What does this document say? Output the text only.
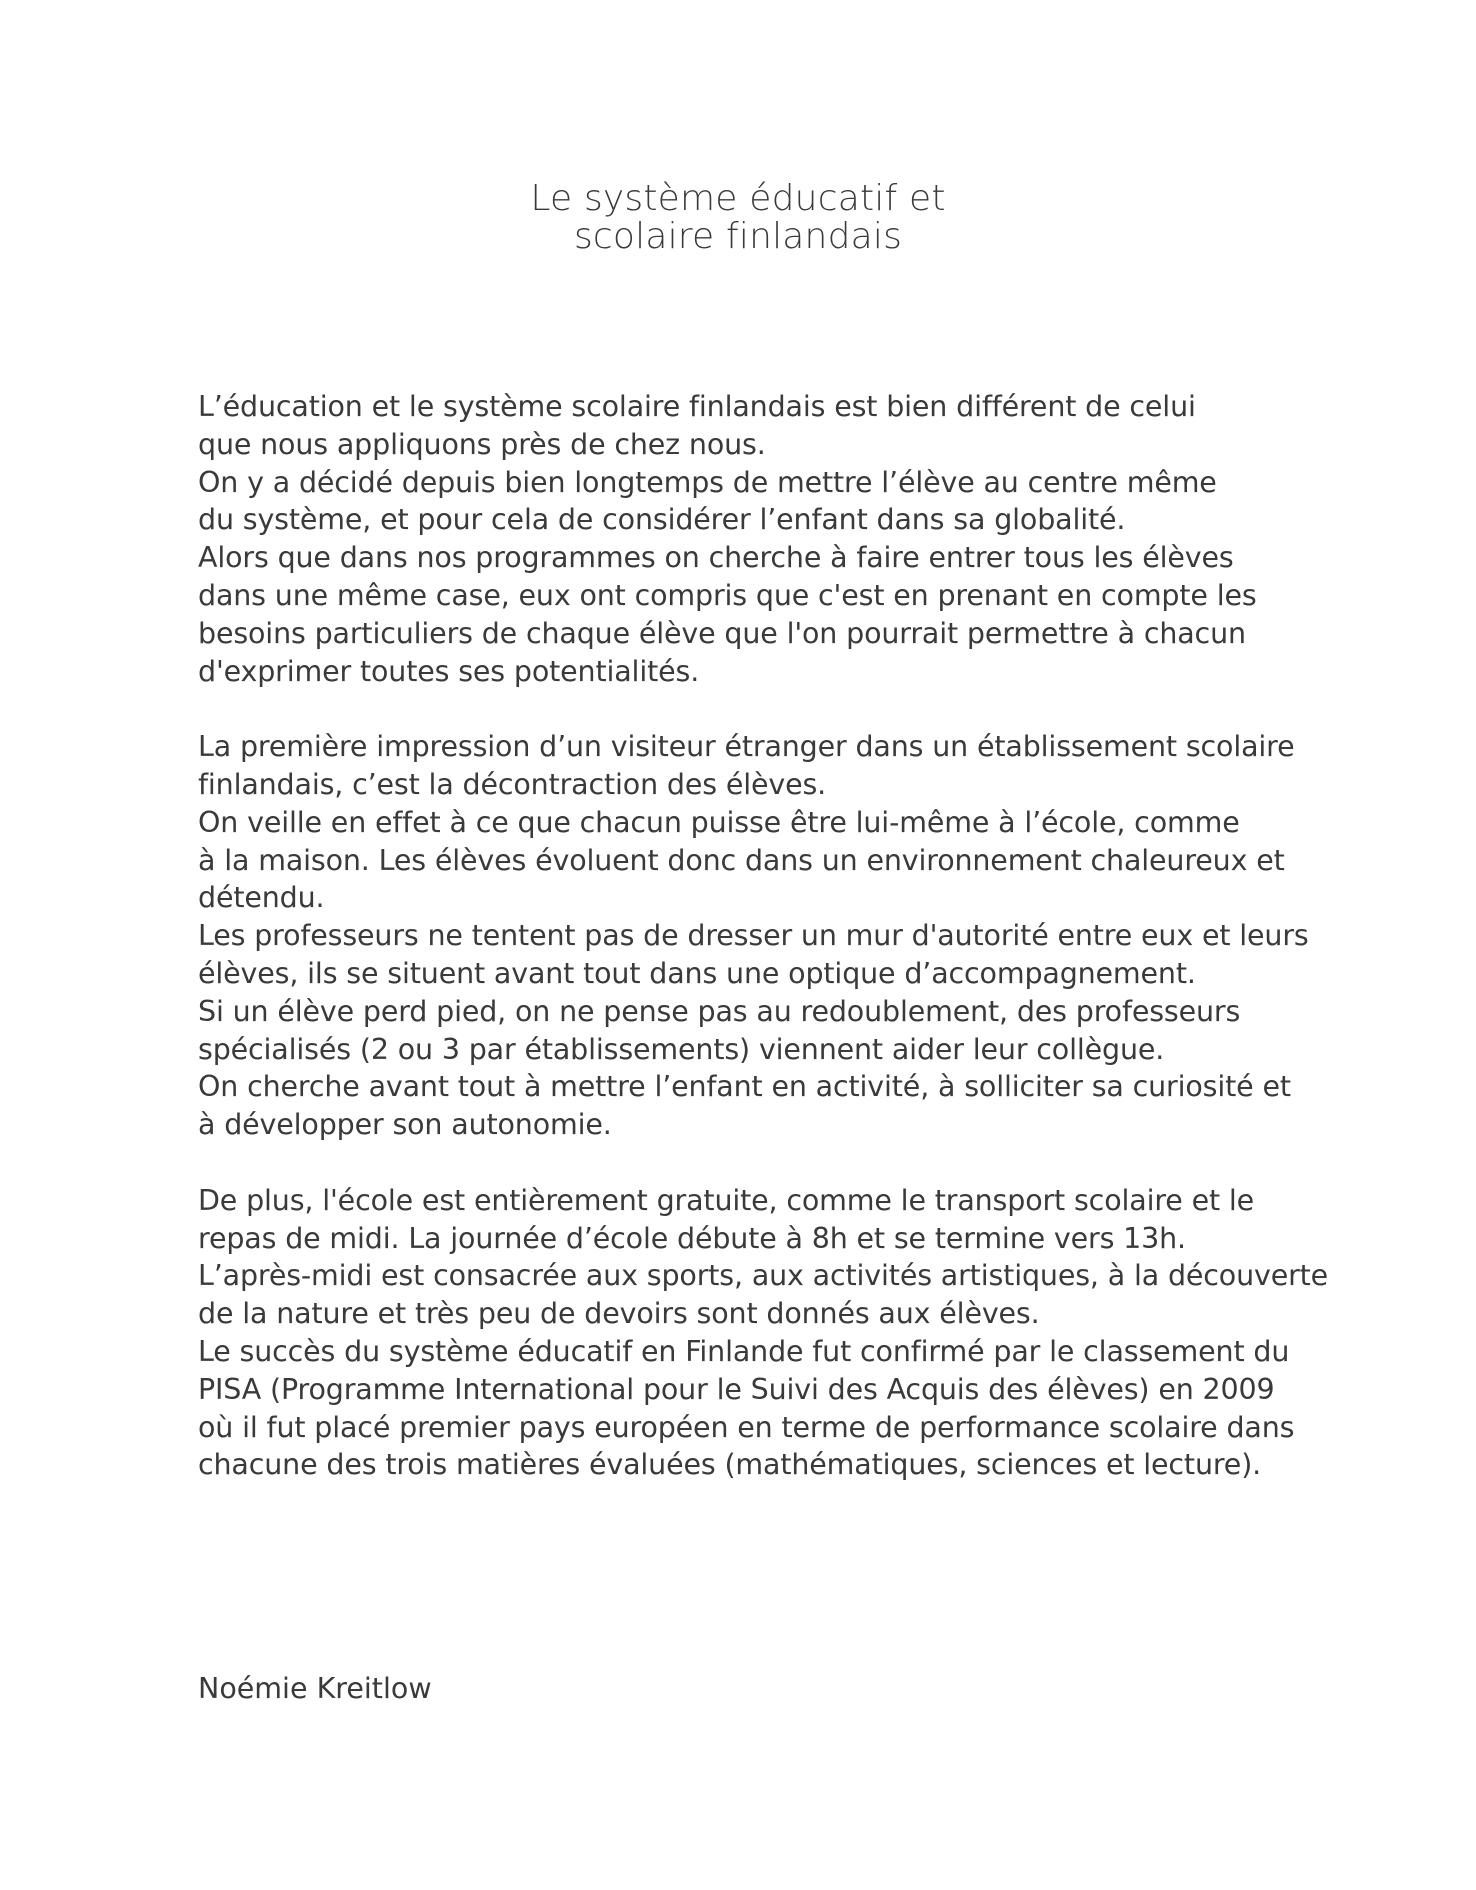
Le système éducatif et
scolaire finlandais
L’éducation et le système scolaire finlandais est bien différent de celui
que nous appliquons près de chez nous.
On y a décidé depuis bien longtemps de mettre l’élève au centre même
du système, et pour cela de considérer l’enfant dans sa globalité.
Alors que dans nos programmes on cherche à faire entrer tous les élèves
dans une même case, eux ont compris que c'est en prenant en compte les
besoins particuliers de chaque élève que l'on pourrait permettre à chacun
d'exprimer toutes ses potentialités.
La première impression d’un visiteur étranger dans un établissement scolaire
finlandais, c’est la décontraction des élèves.
On veille en effet à ce que chacun puisse être lui-même à l’école, comme
à la maison. Les élèves évoluent donc dans un environnement chaleureux et
détendu.
Les professeurs ne tentent pas de dresser un mur d'autorité entre eux et leurs
élèves, ils se situent avant tout dans une optique d’accompagnement.
Si un élève perd pied, on ne pense pas au redoublement, des professeurs
spécialisés (2 ou 3 par établissements) viennent aider leur collègue.
On cherche avant tout à mettre l’enfant en activité, à solliciter sa curiosité et
à développer son autonomie.
De plus, l'école est entièrement gratuite, comme le transport scolaire et le
repas de midi. La journée d’école débute à 8h et se termine vers 13h.
L’après-midi est consacrée aux sports, aux activités artistiques, à la découverte
de la nature et très peu de devoirs sont donnés aux élèves.
Le succès du système éducatif en Finlande fut confirmé par le classement du
PISA (Programme International pour le Suivi des Acquis des élèves) en 2009
où il fut placé premier pays européen en terme de performance scolaire dans
chacune des trois matières évaluées (mathématiques, sciences et lecture).
Noémie Kreitlow
